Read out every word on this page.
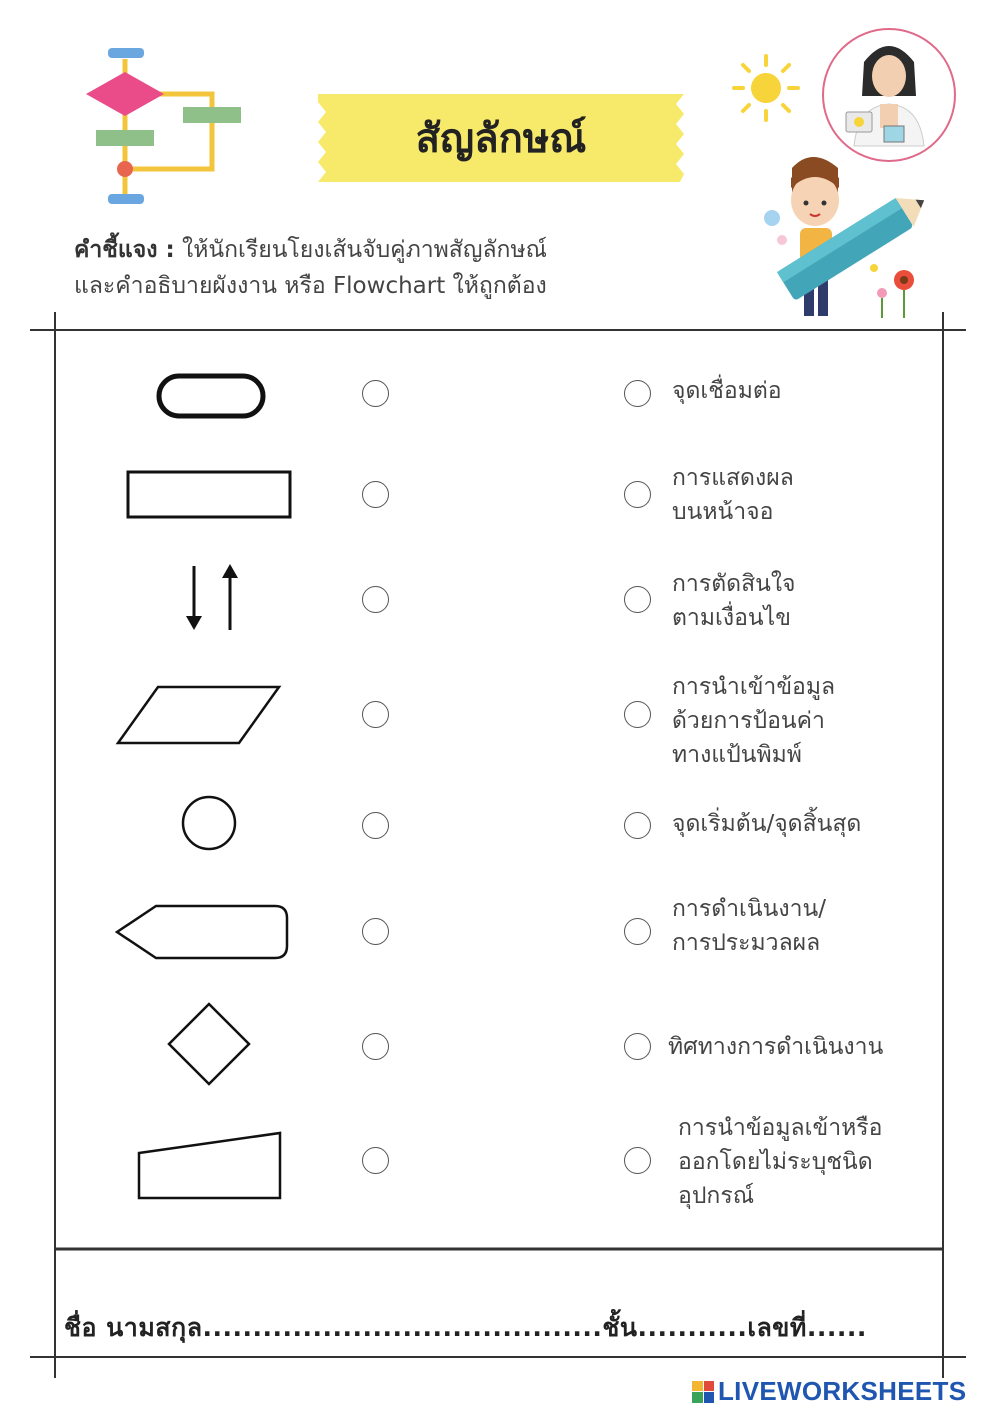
สัญลักษณ์
คำชี้แจง : ให้นักเรียนโยงเส้นจับคู่ภาพสัญลักษณ์
และคำอธิบายผังงาน หรือ Flowchart ให้ถูกต้อง
จุดเชื่อมต่อ
การแสดงผล
บนหน้าจอ
การตัดสินใจ
ตามเงื่อนไข
การนำเข้าข้อมูล
ด้วยการป้อนค่า
ทางแป้นพิมพ์
จุดเริ่มต้น/จุดสิ้นสุด
การดำเนินงาน/
การประมวลผล
ทิศทางการดำเนินงาน
การนำข้อมูลเข้าหรือ
ออกโดยไม่ระบุชนิด
อุปกรณ์
ชื่อ นามสกุล........................................ชั้น...........เลขที่......
LIVEWORKSHEETS
